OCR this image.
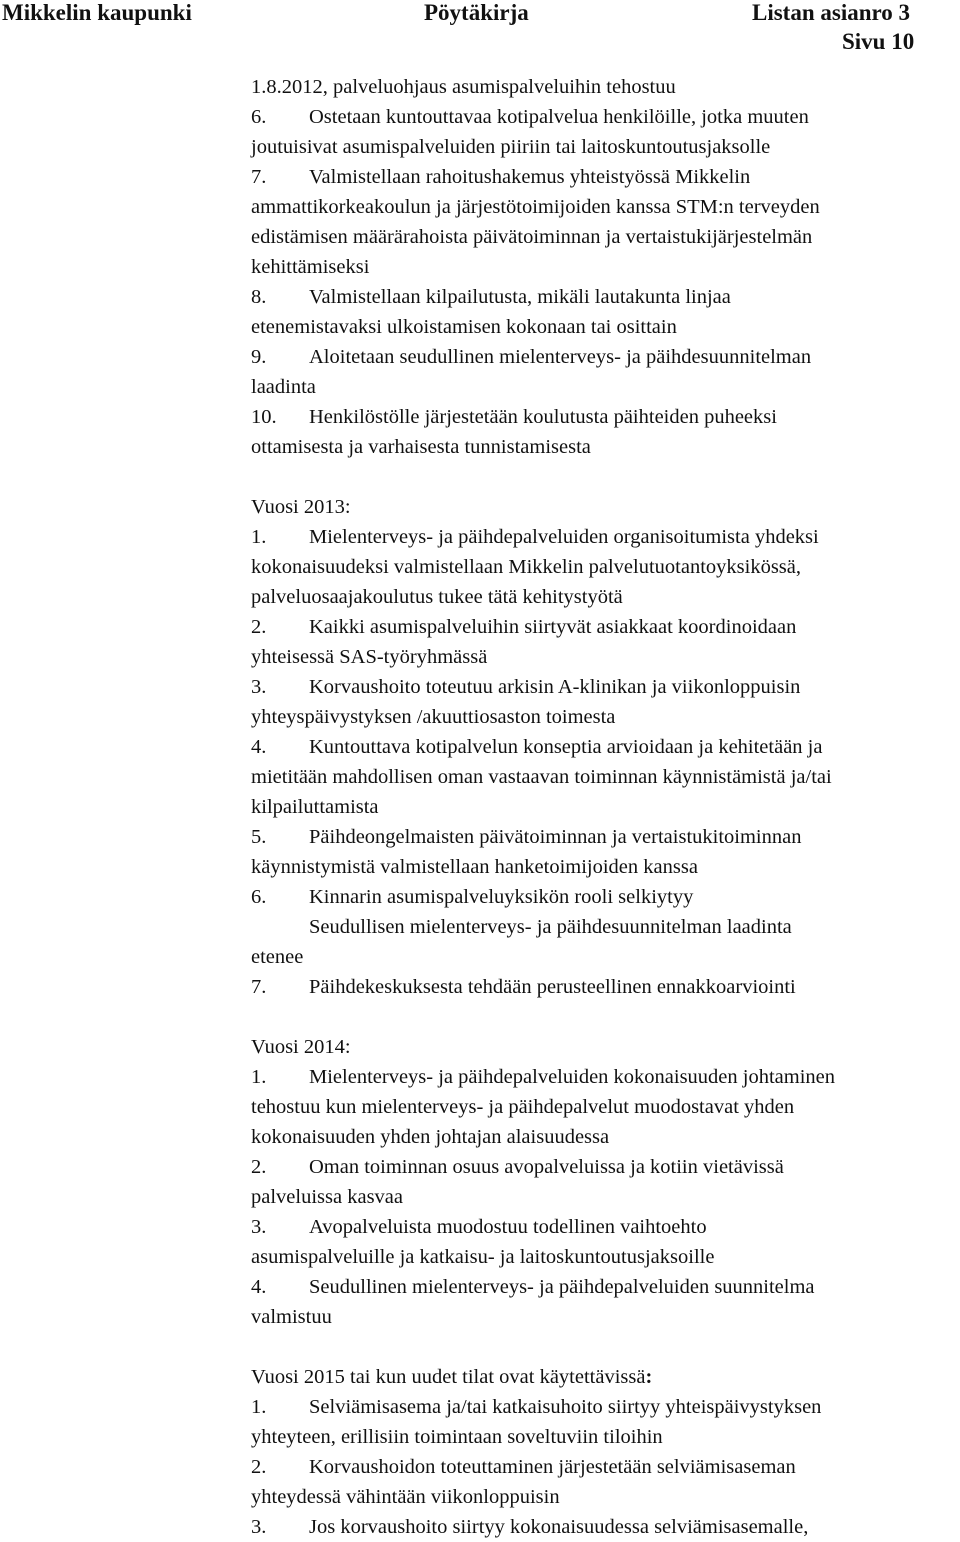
Mikkelin kaupunki	Pöytäkirja	Listan asianro 3
Sivu 10
1.8.2012, palveluohjaus asumispalveluihin tehostuu
6. Ostetaan kuntouttavaa kotipalvelua henkilöille, jotka muuten
joutuisivat asumispalveluiden piiriin tai laitoskuntoutusjaksolle
7. Valmistellaan rahoitushakemus yhteistyössä Mikkelin
ammattikorkeakoulun ja järjestötoimijoiden kanssa STM:n terveyden
edistämisen määrärahoista päivätoiminnan ja vertaistukijärjestelmän
kehittämiseksi
8. Valmistellaan kilpailutusta, mikäli lautakunta linjaa
etenemistavaksi ulkoistamisen kokonaan tai osittain
9. Aloitetaan seudullinen mielenterveys- ja päihdesuunnitelman
laadinta
10. Henkilöstölle järjestetään koulutusta päihteiden puheeksi
ottamisesta ja varhaisesta tunnistamisesta
Vuosi 2013:
1. Mielenterveys- ja päihdepalveluiden organisoitumista yhdeksi
kokonaisuudeksi valmistellaan Mikkelin palvelutuotantoyksikössä,
palveluosaajakoulutus tukee tätä kehitystyötä
2. Kaikki asumispalveluihin siirtyvät asiakkaat koordinoidaan
yhteisessä SAS-työryhmässä
3. Korvaushoito toteutuu arkisin A-klinikan ja viikonloppuisin
yhteyspäivystyksen /akuuttiosaston toimesta
4. Kuntouttava kotipalvelun konseptia arvioidaan ja kehitetään ja
mietitään mahdollisen oman vastaavan toiminnan käynnistämistä ja/tai
kilpailuttamista
5. Päihdeongelmaisten päivätoiminnan ja vertaistukitoiminnan
käynnistymistä valmistellaan hanketoimijoiden kanssa
6. Kinnarin asumispalveluyksikön rooli selkiytyy
Seudullisen mielenterveys- ja päihdesuunnitelman laadinta
etenee
7. Päihdekeskuksesta tehdään perusteellinen ennakkoarviointi
Vuosi 2014:
1. Mielenterveys- ja päihdepalveluiden kokonaisuuden johtaminen
tehostuu kun mielenterveys- ja päihdepalvelut muodostavat yhden
kokonaisuuden yhden johtajan alaisuudessa
2. Oman toiminnan osuus avopalveluissa ja kotiin vietävissä
palveluissa kasvaa
3. Avopalveluista muodostuu todellinen vaihtoehto
asumispalveluille ja katkaisu- ja laitoskuntoutusjaksoille
4. Seudullinen mielenterveys- ja päihdepalveluiden suunnitelma
valmistuu
Vuosi 2015 tai kun uudet tilat ovat käytettävissä:
1. Selviämisasema ja/tai katkaisuhoito siirtyy yhteispäivystyksen
yhteyteen, erillisiin toimintaan soveltuviin tiloihin
2. Korvaushoidon toteuttaminen järjestetään selviämisaseman
yhteydessä vähintään viikonloppuisin
3. Jos korvaushoito siirtyy kokonaisuudessa selviämisasemalle,
